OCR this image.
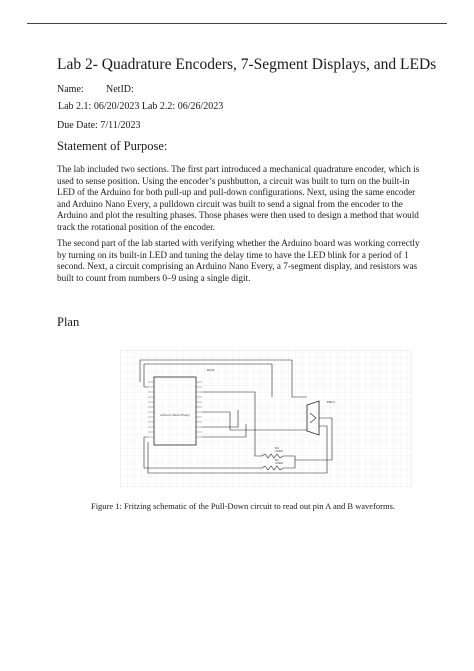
Lab 2- Quadrature Encoders, 7-Segment Displays, and LEDs
Name: NetID:
Lab 2.1: 06/20/2023 Lab 2.2: 06/26/2023
Due Date: 7/11/2023
Statement of Purpose:
The lab included two sections. The first part introduced a mechanical quadrature encoder, which is used to sense position. Using the encoder’s pushbutton, a circuit was built to turn on the built-in LED of the Arduino for both pull-up and pull-down configurations. Next, using the same encoder and Arduino Nano Every, a pulldown circuit was built to send a signal from the encoder to the Arduino and plot the resulting phases. Those phases were then used to design a method that would track the rotational position of the encoder.
The second part of the lab started with verifying whether the Arduino board was working correctly by turning on its built-in LED and tuning the delay time to have the LED blink for a period of 1 second. Next, a circuit comprising an Arduino Nano Every, a 7-segment display, and resistors was built to count from numbers 0–9 using a single digit.
Plan
Arduino Nano Every
ENC1
R1
10kΩ
R2
10kΩ
Part1
Figure 1: Fritzing schematic of the Pull-Down circuit to read out pin A and B waveforms.
